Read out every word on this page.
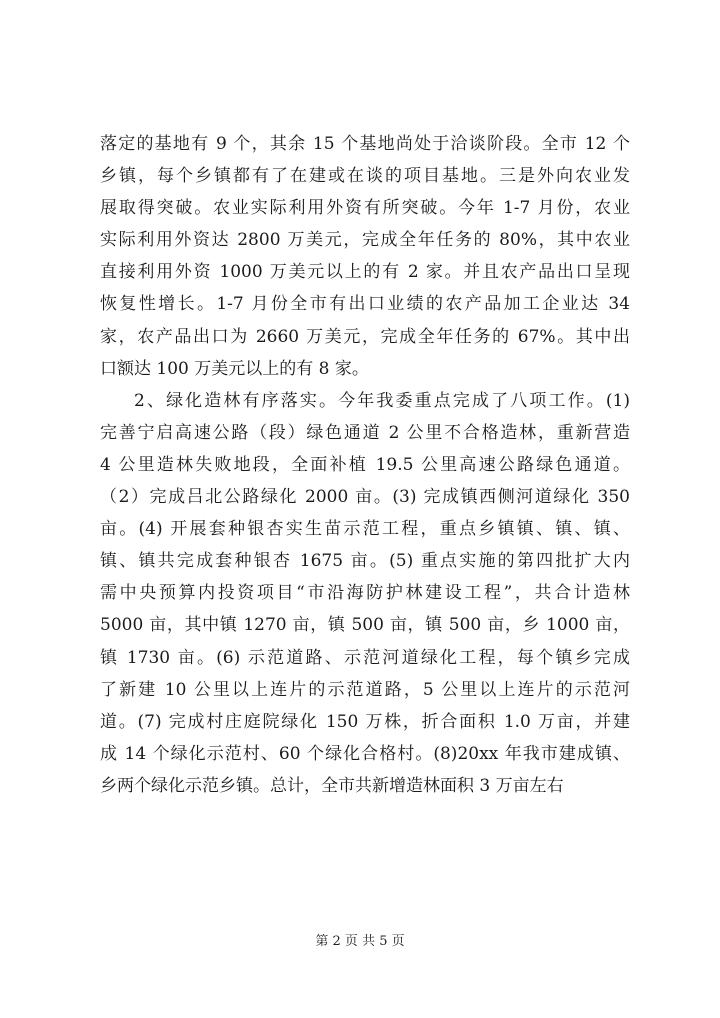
落定的基地有 9 个，其余 15 个基地尚处于洽谈阶段。全市 12 个
乡镇，每个乡镇都有了在建或在谈的项目基地。三是外向农业发
展取得突破。农业实际利用外资有所突破。今年 1-7 月份，农业
实际利用外资达 2800 万美元，完成全年任务的 80%，其中农业
直接利用外资 1000 万美元以上的有 2 家。并且农产品出口呈现
恢复性增长。1-7 月份全市有出口业绩的农产品加工企业达 34
家，农产品出口为 2660 万美元，完成全年任务的 67%。其中出
口额达 100 万美元以上的有 8 家。
2、绿化造林有序落实。今年我委重点完成了八项工作。(1)
完善宁启高速公路（段）绿色通道 2 公里不合格造林，重新营造
4 公里造林失败地段，全面补植 19.5 公里高速公路绿色通道。
（2）完成吕北公路绿化 2000 亩。(3) 完成镇西侧河道绿化 350
亩。(4) 开展套种银杏实生苗示范工程，重点乡镇镇、镇、镇、
镇、镇共完成套种银杏 1675 亩。(5) 重点实施的第四批扩大内
需中央预算内投资项目“市沿海防护林建设工程”，共合计造林
5000 亩，其中镇 1270 亩，镇 500 亩，镇 500 亩，乡 1000 亩，
镇 1730 亩。(6) 示范道路、示范河道绿化工程，每个镇乡完成
了新建 10 公里以上连片的示范道路，5 公里以上连片的示范河
道。(7) 完成村庄庭院绿化 150 万株，折合面积 1.0 万亩，并建
成 14 个绿化示范村、60 个绿化合格村。(8)20xx 年我市建成镇、
乡两个绿化示范乡镇。总计，全市共新增造林面积 3 万亩左右
第 2 页 共 5 页
